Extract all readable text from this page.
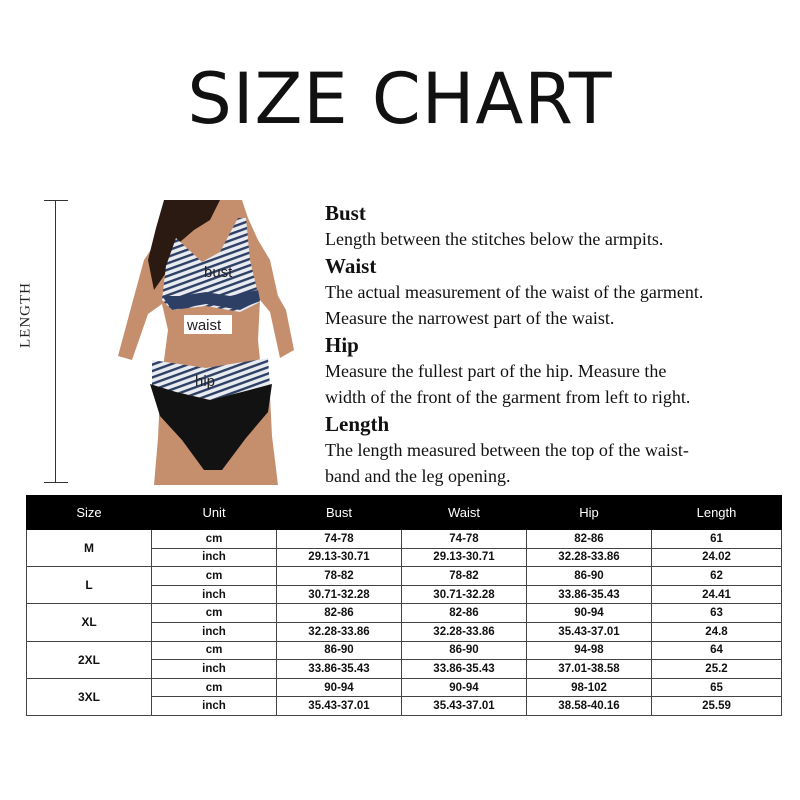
SIZE CHART
LENGTH
bust
waist
hip
Bust
Length between the stitches below the armpits.
Waist
The actual measurement of the waist of the garment.
Measure the narrowest part of the waist.
Hip
Measure the fullest part of the hip. Measure the
width of the front of the garment from left to right.
Length
The length measured between the top of the waist-
band and the leg opening.
Size	Unit	Bust	Waist	Hip	Length
M	cm	74-78	74-78	82-86	61
	inch	29.13-30.71	29.13-30.71	32.28-33.86	24.02
L	cm	78-82	78-82	86-90	62
	inch	30.71-32.28	30.71-32.28	33.86-35.43	24.41
XL	cm	82-86	82-86	90-94	63
	inch	32.28-33.86	32.28-33.86	35.43-37.01	24.8
2XL	cm	86-90	86-90	94-98	64
	inch	33.86-35.43	33.86-35.43	37.01-38.58	25.2
3XL	cm	90-94	90-94	98-102	65
	inch	35.43-37.01	35.43-37.01	38.58-40.16	25.59
